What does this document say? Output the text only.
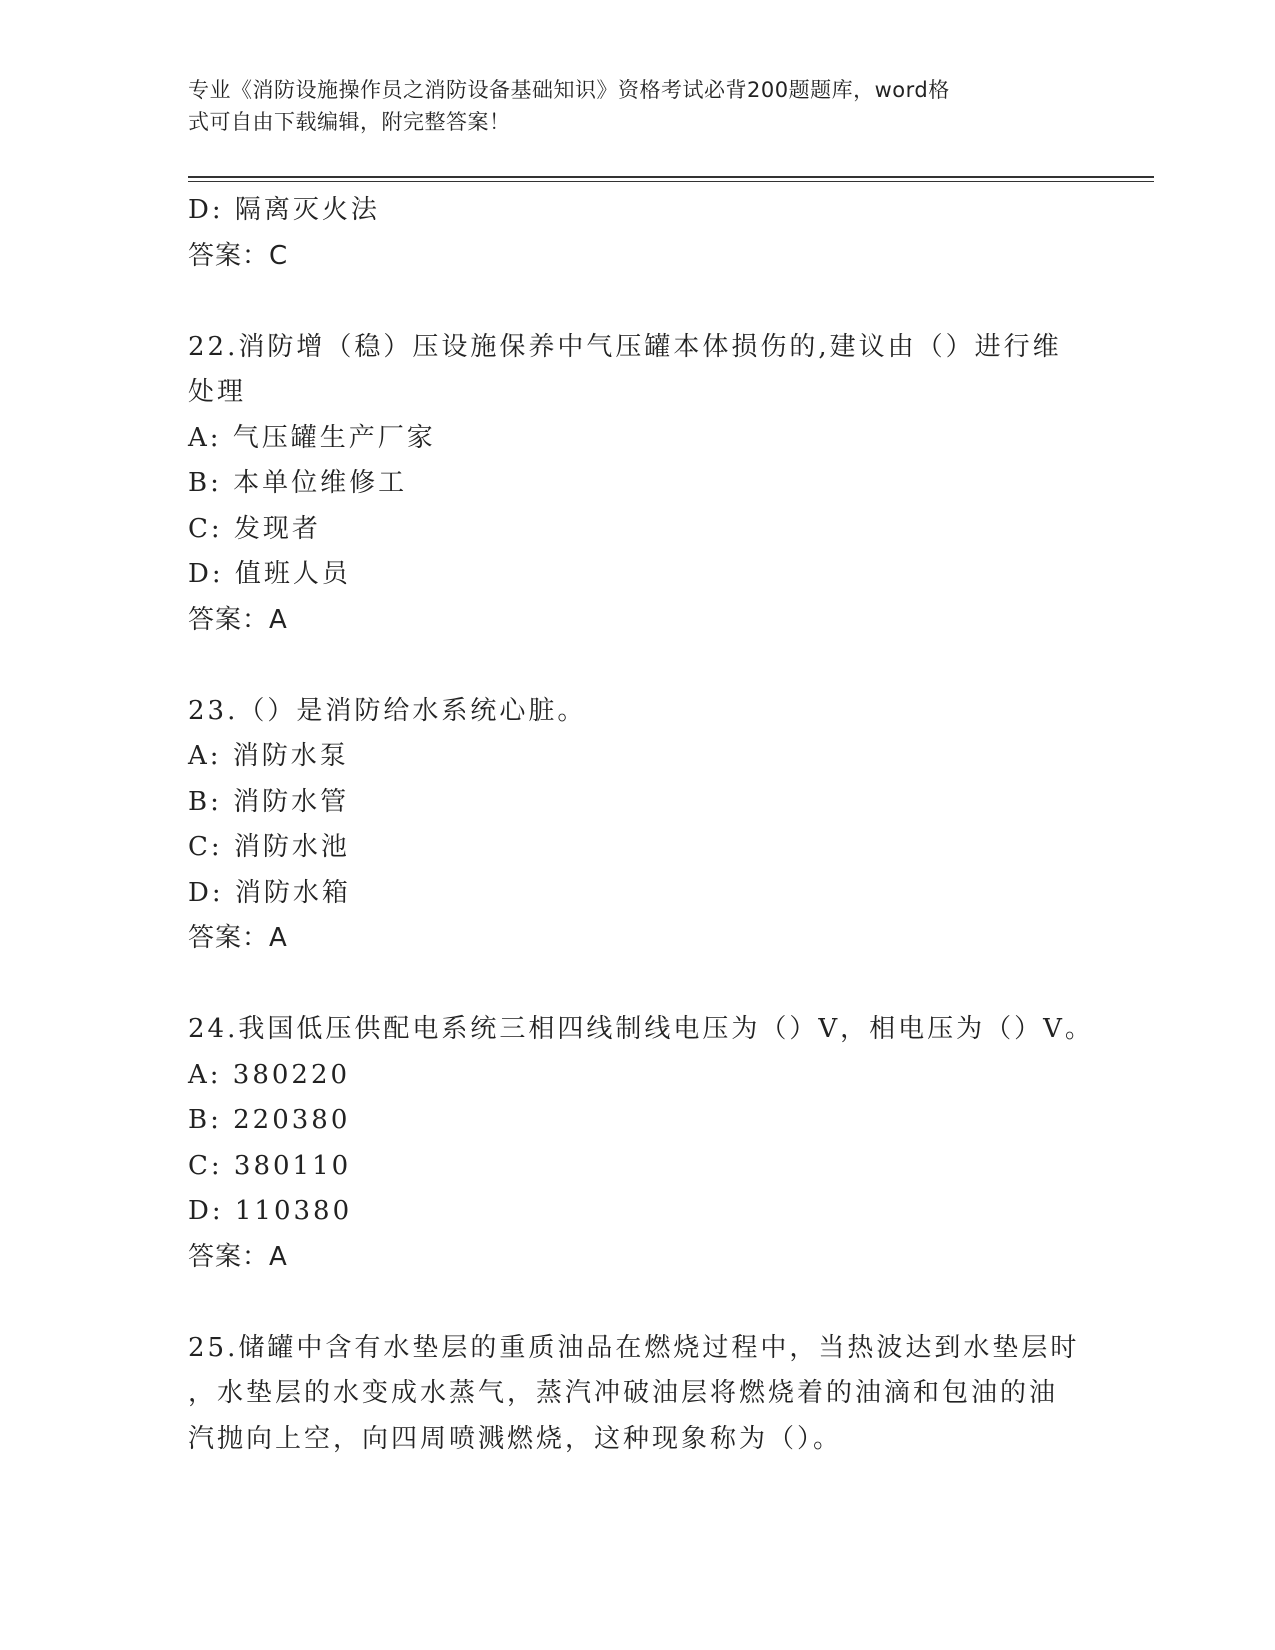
专业《消防设施操作员之消防设备基础知识》资格考试必背200题题库，word格
式可自由下载编辑，附完整答案！
D: 隔离灭火法
答案：C
22.消防增（稳）压设施保养中气压罐本体损伤的,建议由（）进行维
处理
A: 气压罐生产厂家
B: 本单位维修工
C: 发现者
D: 值班人员
答案：A
23.（）是消防给水系统心脏。
A: 消防水泵
B: 消防水管
C: 消防水池
D: 消防水箱
答案：A
24.我国低压供配电系统三相四线制线电压为（）V，相电压为（）V。
A: 380220
B: 220380
C: 380110
D: 110380
答案：A
25.储罐中含有水垫层的重质油品在燃烧过程中，当热波达到水垫层时
，水垫层的水变成水蒸气，蒸汽冲破油层将燃烧着的油滴和包油的油
汽抛向上空，向四周喷溅燃烧，这种现象称为（）。
